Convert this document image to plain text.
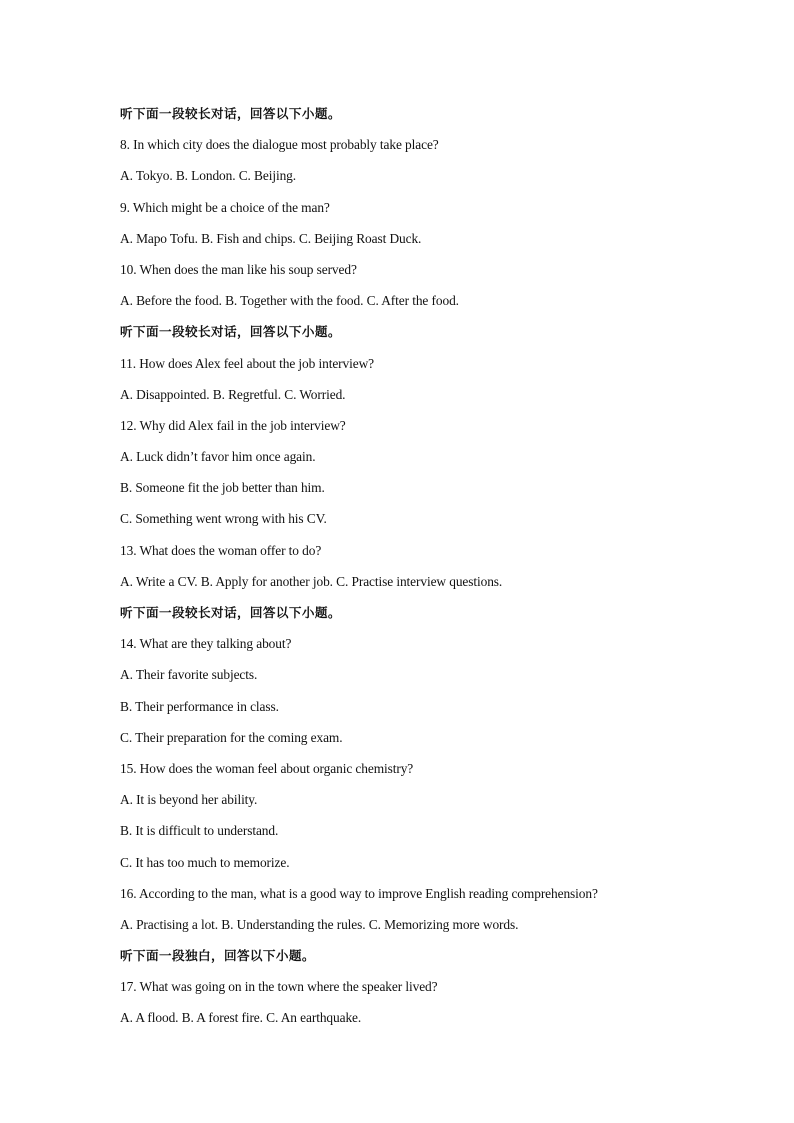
听下面一段较长对话，回答以下小题。
8. In which city does the dialogue most probably take place?
A. Tokyo. B. London. C. Beijing.
9. Which might be a choice of the man?
A. Mapo Tofu. B. Fish and chips. C. Beijing Roast Duck.
10. When does the man like his soup served?
A. Before the food. B. Together with the food. C. After the food.
听下面一段较长对话，回答以下小题。
11. How does Alex feel about the job interview?
A. Disappointed. B. Regretful. C. Worried.
12. Why did Alex fail in the job interview?
A. Luck didn’t favor him once again.
B. Someone fit the job better than him.
C. Something went wrong with his CV.
13. What does the woman offer to do?
A. Write a CV. B. Apply for another job. C. Practise interview questions.
听下面一段较长对话，回答以下小题。
14. What are they talking about?
A. Their favorite subjects.
B. Their performance in class.
C. Their preparation for the coming exam.
15. How does the woman feel about organic chemistry?
A. It is beyond her ability.
B. It is difficult to understand.
C. It has too much to memorize.
16. According to the man, what is a good way to improve English reading comprehension?
A. Practising a lot. B. Understanding the rules. C. Memorizing more words.
听下面一段独白，回答以下小题。
17. What was going on in the town where the speaker lived?
A. A flood. B. A forest fire. C. An earthquake.
